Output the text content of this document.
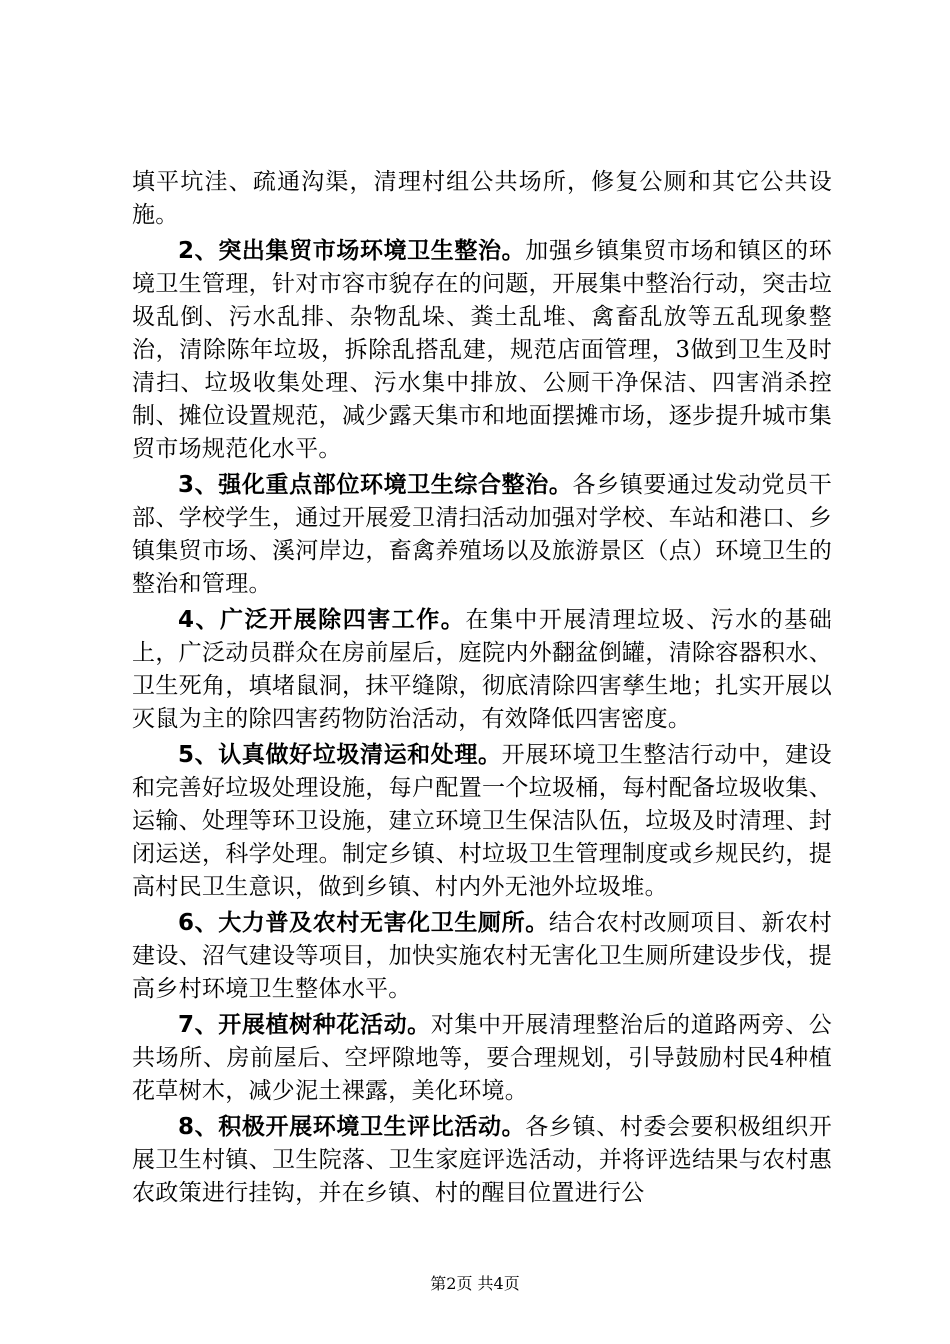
填平坑洼、疏通沟渠，清理村组公共场所，修复公厕和其它公共设施。

2、突出集贸市场环境卫生整治。加强乡镇集贸市场和镇区的环境卫生管理，针对市容市貌存在的问题，开展集中整治行动，突击垃圾乱倒、污水乱排、杂物乱垛、粪土乱堆、禽畜乱放等五乱现象整治，清除陈年垃圾，拆除乱搭乱建，规范店面管理，3做到卫生及时清扫、垃圾收集处理、污水集中排放、公厕干净保洁、四害消杀控制、摊位设置规范，减少露天集市和地面摆摊市场，逐步提升城市集贸市场规范化水平。

3、强化重点部位环境卫生综合整治。各乡镇要通过发动党员干部、学校学生，通过开展爱卫清扫活动加强对学校、车站和港口、乡镇集贸市场、溪河岸边，畜禽养殖场以及旅游景区（点）环境卫生的整治和管理。

4、广泛开展除四害工作。在集中开展清理垃圾、污水的基础上，广泛动员群众在房前屋后，庭院内外翻盆倒罐，清除容器积水、卫生死角，填堵鼠洞，抹平缝隙，彻底清除四害孳生地；扎实开展以灭鼠为主的除四害药物防治活动，有效降低四害密度。

5、认真做好垃圾清运和处理。开展环境卫生整洁行动中，建设和完善好垃圾处理设施，每户配置一个垃圾桶，每村配备垃圾收集、运输、处理等环卫设施，建立环境卫生保洁队伍，垃圾及时清理、封闭运送，科学处理。制定乡镇、村垃圾卫生管理制度或乡规民约，提高村民卫生意识，做到乡镇、村内外无池外垃圾堆。

6、大力普及农村无害化卫生厕所。结合农村改厕项目、新农村建设、沼气建设等项目，加快实施农村无害化卫生厕所建设步伐，提高乡村环境卫生整体水平。

7、开展植树种花活动。对集中开展清理整治后的道路两旁、公共场所、房前屋后、空坪隙地等，要合理规划，引导鼓励村民4种植花草树木，减少泥土裸露，美化环境。

8、积极开展环境卫生评比活动。各乡镇、村委会要积极组织开展卫生村镇、卫生院落、卫生家庭评选活动，并将评选结果与农村惠农政策进行挂钩，并在乡镇、村的醒目位置进行公

第2页 共4页
